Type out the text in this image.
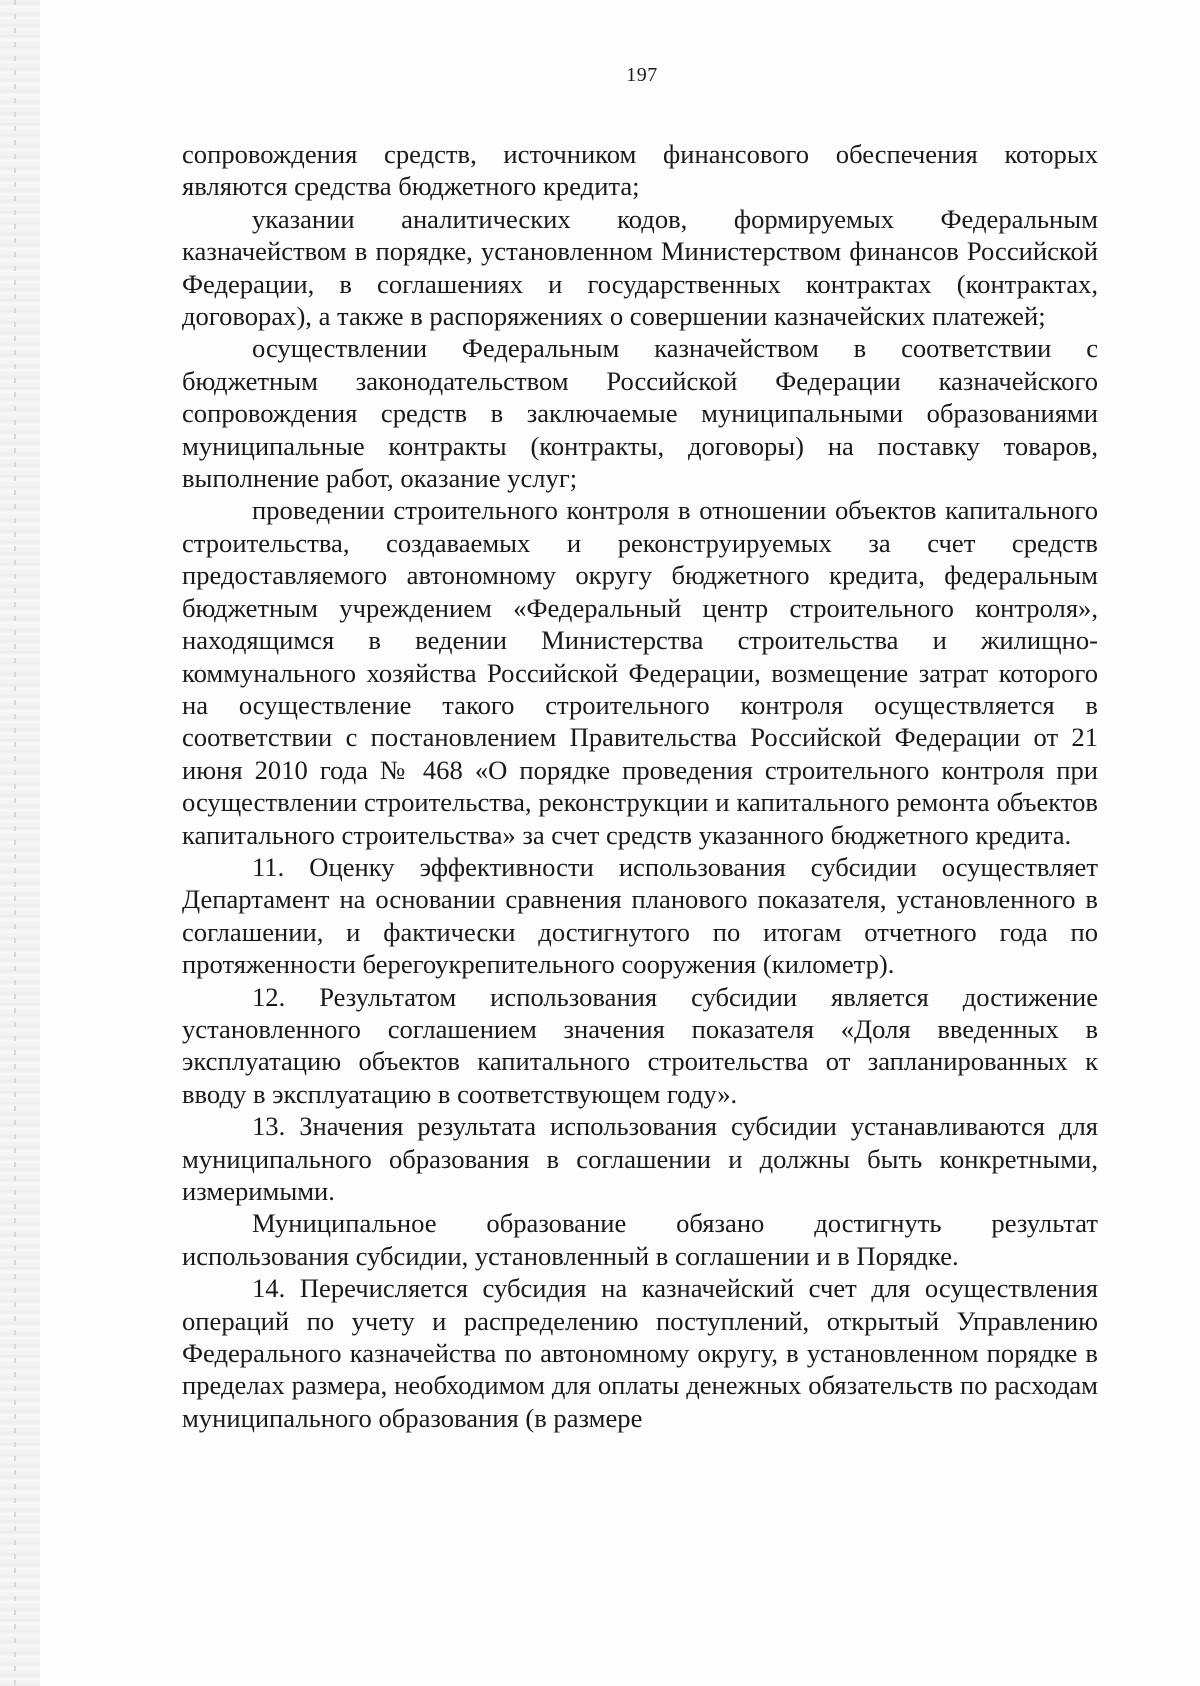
197

сопровождения средств, источником финансового обеспечения которых являются средства бюджетного кредита;

указании аналитических кодов, формируемых Федеральным казначейством в порядке, установленном Министерством финансов Российской Федерации, в соглашениях и государственных контрактах (контрактах, договорах), а также в распоряжениях о совершении казначейских платежей;

осуществлении Федеральным казначейством в соответствии с бюджетным законодательством Российской Федерации казначейского сопровождения средств в заключаемые муниципальными образованиями муниципальные контракты (контракты, договоры) на поставку товаров, выполнение работ, оказание услуг;

проведении строительного контроля в отношении объектов капитального строительства, создаваемых и реконструируемых за счет средств предоставляемого автономному округу бюджетного кредита, федеральным бюджетным учреждением «Федеральный центр строительного контроля», находящимся в ведении Министерства строительства и жилищно-коммунального хозяйства Российской Федерации, возмещение затрат которого на осуществление такого строительного контроля осуществляется в соответствии с постановлением Правительства Российской Федерации от 21 июня 2010 года № 468 «О порядке проведения строительного контроля при осуществлении строительства, реконструкции и капитального ремонта объектов капитального строительства» за счет средств указанного бюджетного кредита.

11. Оценку эффективности использования субсидии осуществляет Департамент на основании сравнения планового показателя, установленного в соглашении, и фактически достигнутого по итогам отчетного года по протяженности берегоукрепительного сооружения (километр).

12. Результатом использования субсидии является достижение установленного соглашением значения показателя «Доля введенных в эксплуатацию объектов капитального строительства от запланированных к вводу в эксплуатацию в соответствующем году».

13. Значения результата использования субсидии устанавливаются для муниципального образования в соглашении и должны быть конкретными, измеримыми.

Муниципальное образование обязано достигнуть результат использования субсидии, установленный в соглашении и в Порядке.

14. Перечисляется субсидия на казначейский счет для осуществления операций по учету и распределению поступлений, открытый Управлению Федерального казначейства по автономному округу, в установленном порядке в пределах размера, необходимом для оплаты денежных обязательств по расходам муниципального образования (в размере
